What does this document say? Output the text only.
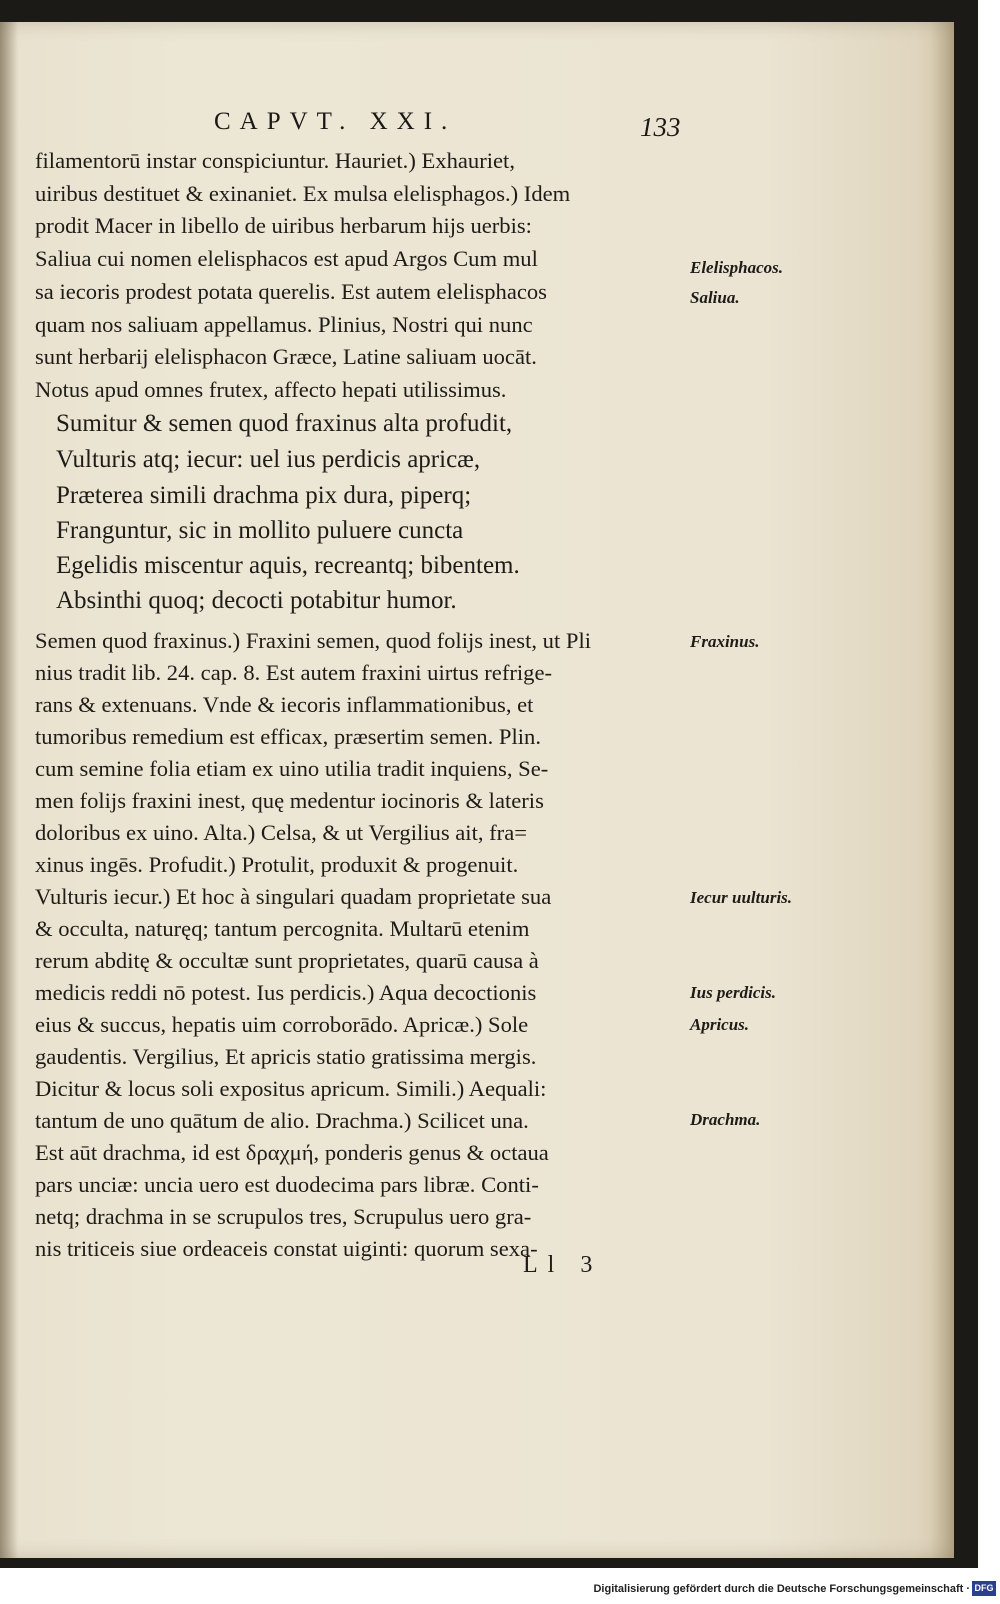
CAPVT. XXI.	133
filamentorū instar conspiciuntur. Hauriet.) Exhauriet,
uiribus destituet & exinaniet. Ex mulsa elelisphagos.) Idem
prodit Macer in libello de uiribus herbarum hijs uerbis:
Saliua cui nomen elelisphacos est apud Argos Cum mul
sa iecoris prodest potata querelis. Est autem elelisphacos
quam nos saliuam appellamus. Plinius, Nostri qui nunc
sunt herbarij elelisphacon Græce, Latine saliuam uocāt.
Notus apud omnes frutex, affecto hepati utilissimus.
Sumitur & semen quod fraxinus alta profudit,
Vulturis atq; iecur: uel ius perdicis apricæ,
Præterea simili drachma pix dura, piperq;
Franguntur, sic in mollito puluere cuncta
Egelidis miscentur aquis, recreantq; bibentem.
Absinthi quoq; decocti potabitur humor.
Semen quod fraxinus.) Fraxini semen, quod folijs inest, ut Pli
nius tradit lib. 24. cap. 8. Est autem fraxini uirtus refrige-
rans & extenuans. Vnde & iecoris inflammationibus, et
tumoribus remedium est efficax, præsertim semen. Plin.
cum semine folia etiam ex uino utilia tradit inquiens, Se-
men folijs fraxini inest, quę medentur iocinoris & lateris
doloribus ex uino. Alta.) Celsa, & ut Vergilius ait, fra=
xinus ingēs. Profudit.) Protulit, produxit & progenuit.
Vulturis iecur.) Et hoc à singulari quadam proprietate sua
& occulta, naturęq; tantum percognita. Multarū etenim
rerum abditę & occultæ sunt proprietates, quarū causa à
medicis reddi nō potest. Ius perdicis.) Aqua decoctionis
eius & succus, hepatis uim corroborādo. Apricæ.) Sole
gaudentis. Vergilius, Et apricis statio gratissima mergis.
Dicitur & locus soli expositus apricum. Simili.) Aequali:
tantum de uno quātum de alio. Drachma.) Scilicet una.
Est aūt drachma, id est δραχμή, ponderis genus & octaua
pars unciæ: uncia uero est duodecima pars libræ. Conti-
netq; drachma in se scrupulos tres, Scrupulus uero gra-
nis triticeis siue ordeaceis constat uiginti: quorum sexa-
Elelisphacos.
Saliua.
Fraxinus.
Iecur uulturis.
Ius perdicis.
Apricus.
Drachma.
Ll 3
Digitalisierung gefördert durch die Deutsche Forschungsgemeinschaft · DFG
